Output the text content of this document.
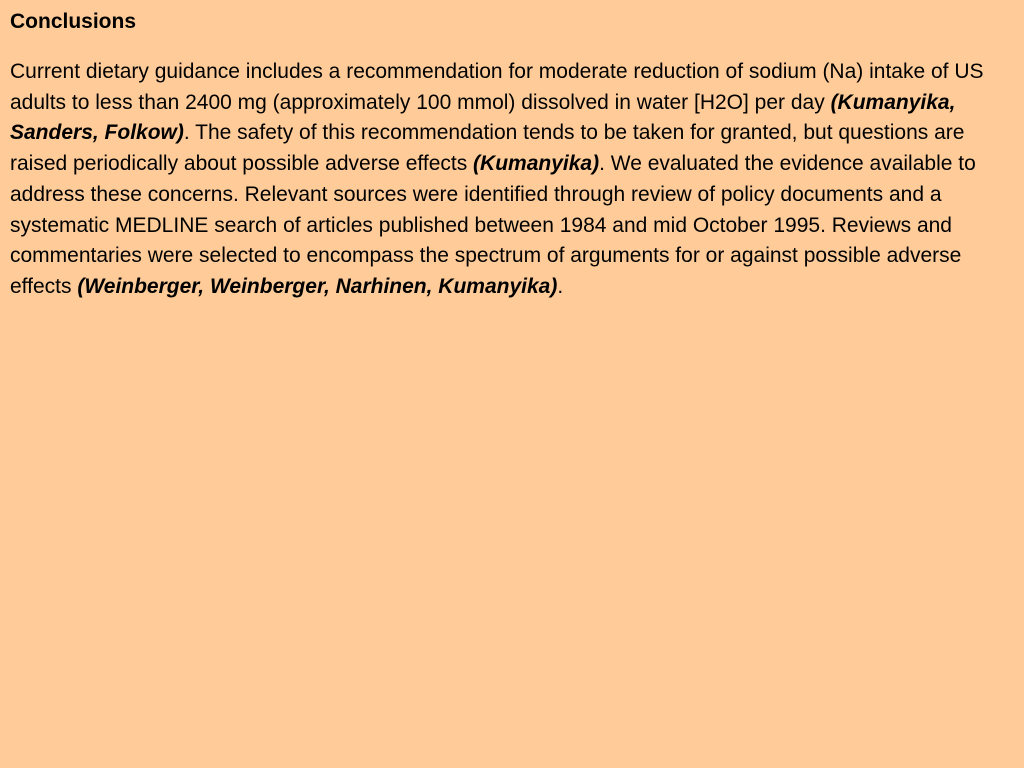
Conclusions

Current dietary guidance includes a recommendation for moderate reduction of sodium (Na) intake of US adults to less than 2400 mg (approximately 100 mmol) dissolved in water [H2O] per day (Kumanyika, Sanders, Folkow). The safety of this recommendation tends to be taken for granted, but questions are raised periodically about possible adverse effects (Kumanyika). We evaluated the evidence available to address these concerns. Relevant sources were identified through review of policy documents and a systematic MEDLINE search of articles published between 1984 and mid October 1995. Reviews and commentaries were selected to encompass the spectrum of arguments for or against possible adverse effects (Weinberger, Weinberger, Narhinen, Kumanyika).
